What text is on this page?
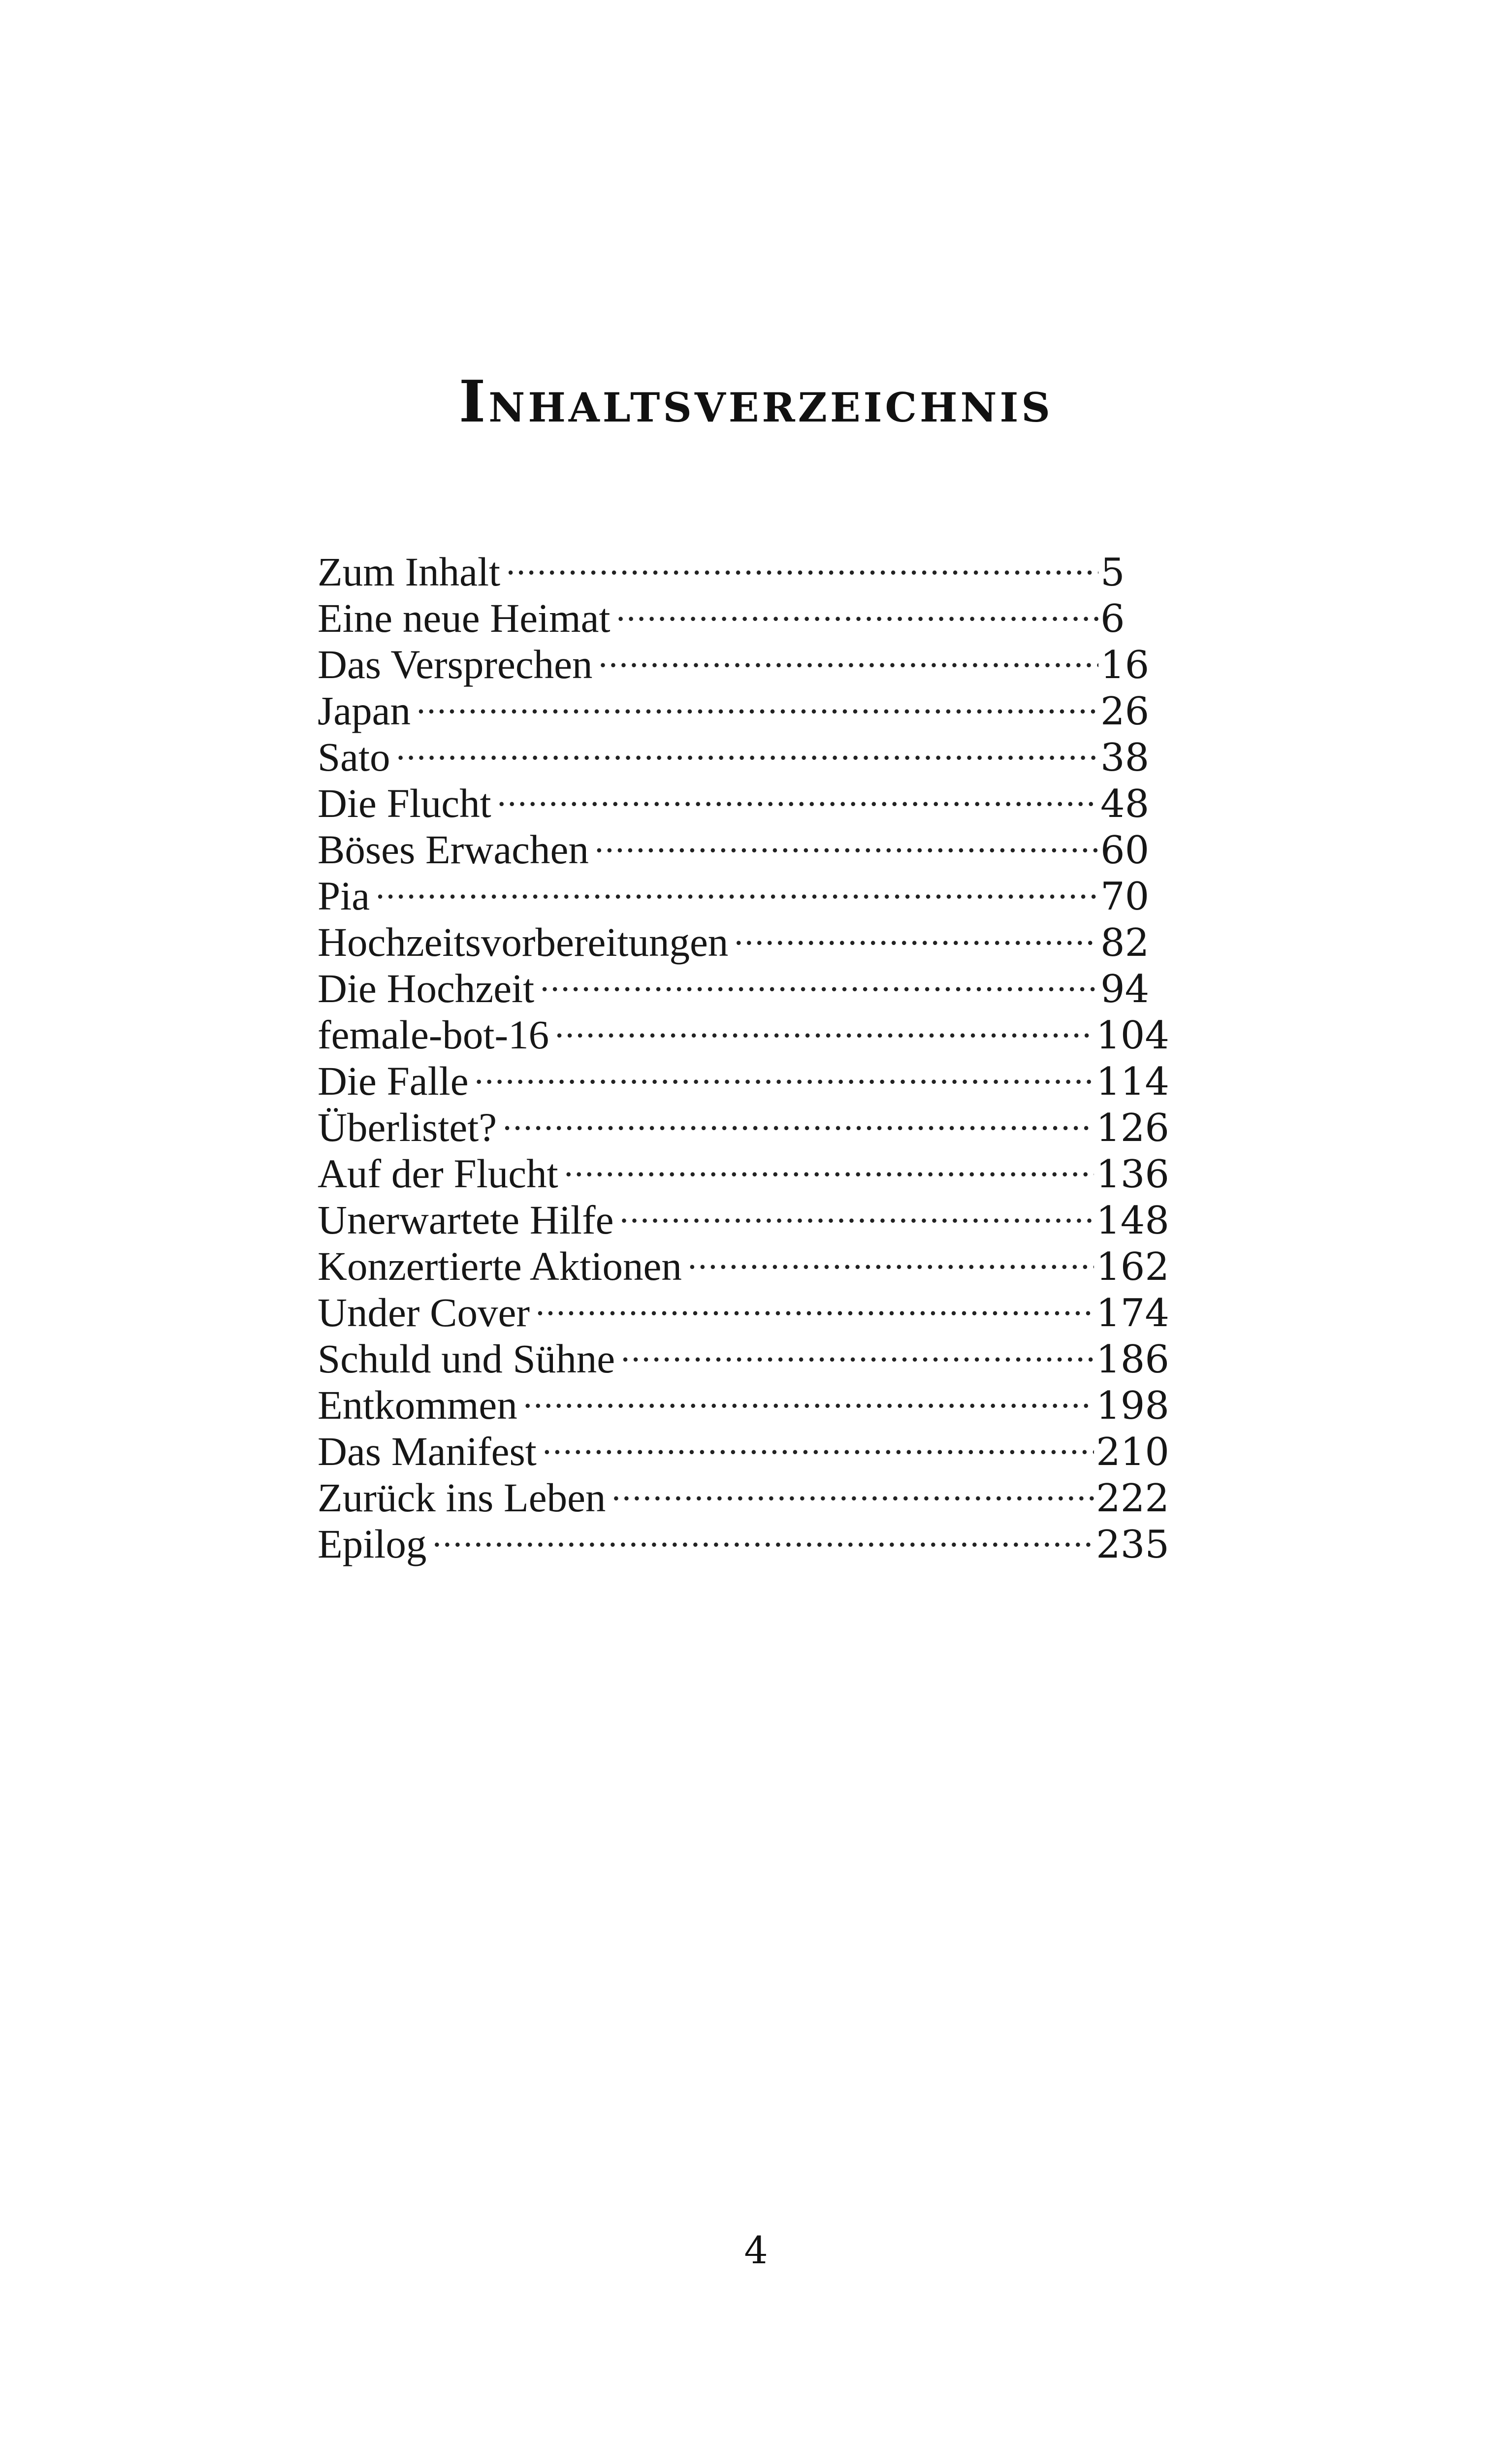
Inhaltsverzeichnis
Zum Inhalt .....	5
Eine neue Heimat .....	6
Das Versprechen .....	16
Japan .....	26
Sato .....	38
Die Flucht .....	48
Böses Erwachen .....	60
Pia .....	70
Hochzeitsvorbereitungen .....	82
Die Hochzeit .....	94
female-bot-16 .....	104
Die Falle .....	114
Überlistet? .....	126
Auf der Flucht .....	136
Unerwartete Hilfe .....	148
Konzertierte Aktionen .....	162
Under Cover .....	174
Schuld und Sühne .....	186
Entkommen .....	198
Das Manifest .....	210
Zurück ins Leben .....	222
Epilog .....	235
4
